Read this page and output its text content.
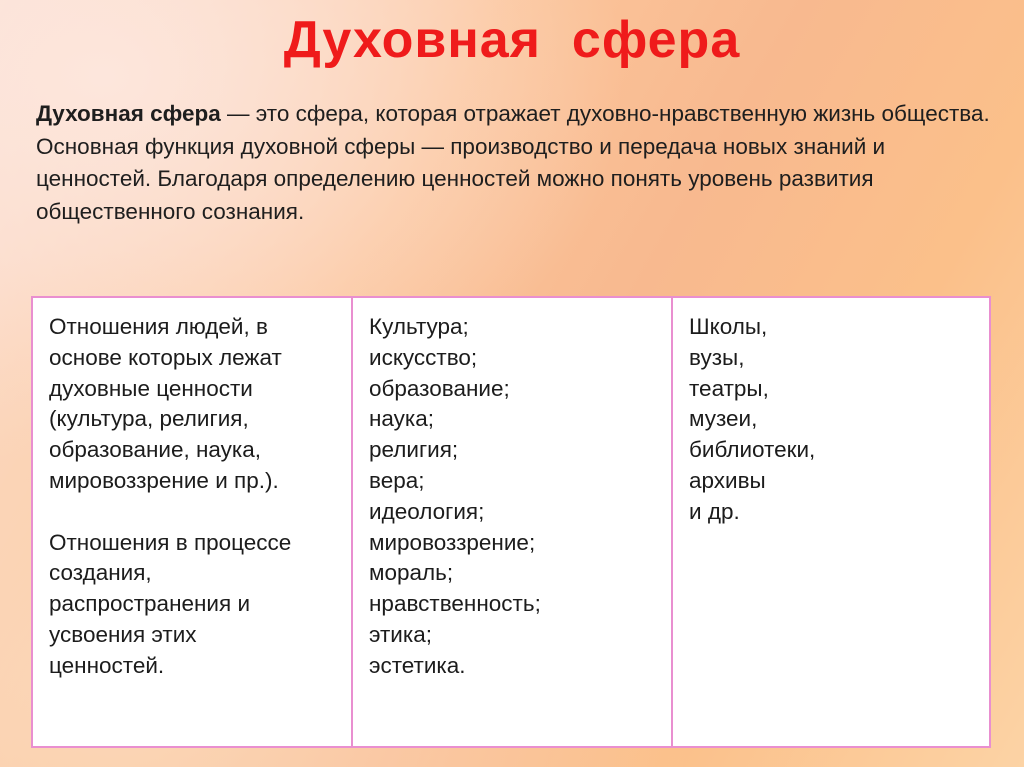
Духовная  сфера

Духовная сфера — это сфера, которая отражает духовно-нравственную жизнь общества.

Основная функция духовной сферы — производство и передача новых знаний и ценностей. Благодаря определению ценностей можно понять уровень развития общественного сознания.

Отношения людей, в
основе которых лежат
духовные ценности
(культура, религия,
образование, наука,
мировоззрение и пр.).
Отношения в процессе
создания,
распространения и
усвоения этих
ценностей.
Культура;
искусство;
образование;
наука;
религия;
вера;
идеология;
мировоззрение;
мораль;
нравственность;
этика;
эстетика.
Школы,
вузы,
театры,
музеи,
библиотеки,
архивы
и др.
